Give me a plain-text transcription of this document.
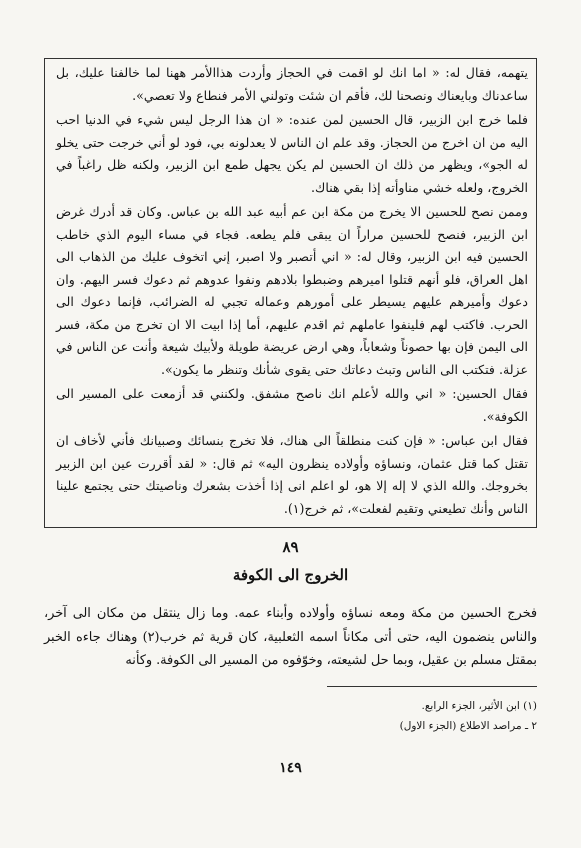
يتهمه، فقال له: « اما انك لو اقمت في الحجاز وأردت هذاالأمر ههنا لما خالفنا عليك، بل ساعدناك وبايعناك ونصحنا لك، فأقم ان شئت وتولني الأمر فنطاع ولا تعصي».

فلما خرج ابن الزبير، قال الحسين لمن عنده: « ان هذا الرجل ليس شيء في الدنيا احب اليه من ان اخرج من الحجاز. وقد علم ان الناس لا يعدلونه بي، فود لو أني خرجت حتى يخلو له الجو»، ويظهر من ذلك ان الحسين لم يكن يجهل طمع ابن الزبير، ولكنه ظل راغباً في الخروج، ولعله خشي مناوأته إذا بقي هناك.

وممن نصح للحسين الا يخرج من مكة ابن عم أبيه عبد الله بن عباس. وكان قد أدرك غرض ابن الزبير، فنصح للحسين مراراً ان يبقى فلم يطعه. فجاء في مساء اليوم الذي خاطب الحسين فيه ابن الزبير، وقال له: « اني أتصبر ولا اصبر، إني اتخوف عليك من الذهاب الى اهل العراق، فلو أنهم قتلوا اميرهم وضبطوا بلادهم ونفوا عدوهم ثم دعوك فسر اليهم. وان دعوك وأميرهم عليهم يسيطر على أمورهم وعماله تجبي له الضرائب، فإنما دعوك الى الحرب. فاكتب لهم فلينفوا عاملهم ثم اقدم عليهم، أما إذا ابيت الا ان تخرج من مكة، فسر الى اليمن فإن بها حصوناً وشعاباً، وهي ارض عريضة طويلة ولأبيك شيعة وأنت عن الناس في عزلة. فتكتب الى الناس وتبث دعاتك حتى يقوى شأنك وتنظر ما يكون».

فقال الحسين: « اني والله لأعلم انك ناصح مشفق. ولكنني قد أزمعت على المسير الى الكوفة».

فقال ابن عباس: « فإن كنت منطلقاً الى هناك، فلا تخرج بنسائك وصبيانك فأني لأخاف ان تقتل كما قتل عثمان، ونساؤه وأولاده ينظرون اليه» ثم قال: « لقد أقررت عين ابن الزبير بخروجك. والله الذي لا إله إلا هو، لو اعلم انى إذا أخذت بشعرك وناصيتك حتى يجتمع علينا الناس وأنك تطيعني وتقيم لفعلت»، ثم خرج(١).

٨٩
الخروج الى الكوفة

فخرج الحسين من مكة ومعه نساؤه وأولاده وأبناء عمه. وما زال ينتقل من مكان الى آخر، والناس ينضمون اليه، حتى أتى مكاناً اسمه الثعلبية، كان قرية ثم خرب(٢) وهناك جاءه الخبر بمقتل مسلم بن عقيل، وبما حل لشيعته، وخوّفوه من المسير الى الكوفة. وكأنه

(١) ابن الأثير، الجزء الرابع.
٢ ـ مراصد الاطلاع (الجزء الاول)
١٤٩
